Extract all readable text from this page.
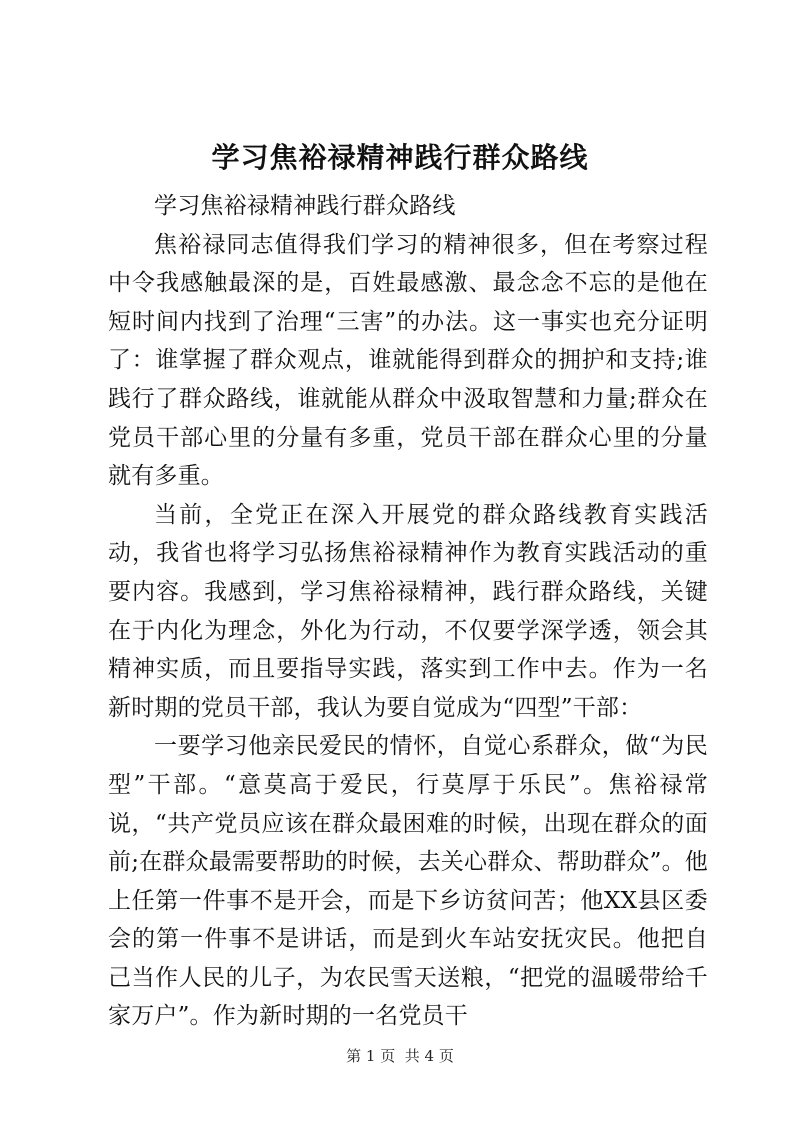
学习焦裕禄精神践行群众路线

学习焦裕禄精神践行群众路线

焦裕禄同志值得我们学习的精神很多，但在考察过程中令我感触最深的是，百姓最感激、最念念不忘的是他在短时间内找到了治理“三害”的办法。这一事实也充分证明了：谁掌握了群众观点，谁就能得到群众的拥护和支持;谁践行了群众路线，谁就能从群众中汲取智慧和力量;群众在党员干部心里的分量有多重，党员干部在群众心里的分量就有多重。

当前，全党正在深入开展党的群众路线教育实践活动，我省也将学习弘扬焦裕禄精神作为教育实践活动的重要内容。我感到，学习焦裕禄精神，践行群众路线，关键在于内化为理念，外化为行动，不仅要学深学透，领会其精神实质，而且要指导实践，落实到工作中去。作为一名新时期的党员干部，我认为要自觉成为“四型”干部：

一要学习他亲民爱民的情怀，自觉心系群众，做“为民型”干部。“意莫高于爱民，行莫厚于乐民”。焦裕禄常说，“共产党员应该在群众最困难的时候，出现在群众的面前;在群众最需要帮助的时候，去关心群众、帮助群众”。他上任第一件事不是开会，而是下乡访贫问苦；他XX县区委会的第一件事不是讲话，而是到火车站安抚灾民。他把自己当作人民的儿子，为农民雪天送粮，“把党的温暖带给千家万户”。作为新时期的一名党员干

第 1 页  共 4 页
